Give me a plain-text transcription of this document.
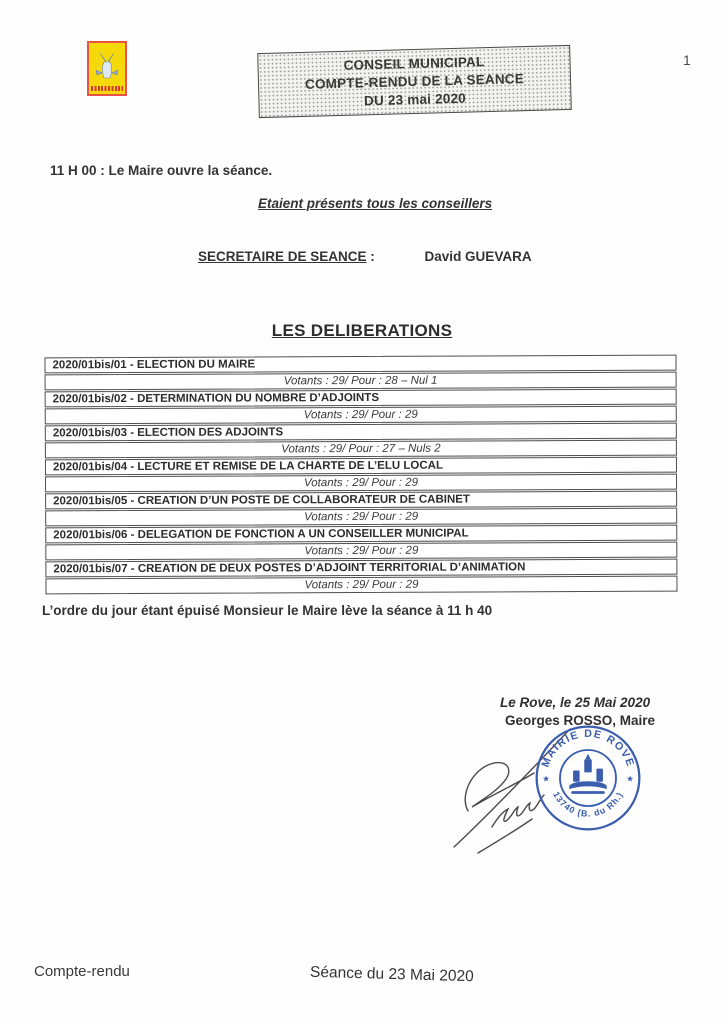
CONSEIL MUNICIPAL
COMPTE-RENDU DE LA SEANCE
DU 23 mai 2020
1
11 H 00 : Le Maire ouvre la séance.
Etaient présents tous les conseillers
SECRETAIRE DE SEANCE :	David GUEVARA
LES DELIBERATIONS
2020/01bis/01 - ELECTION DU MAIRE
Votants : 29/ Pour : 28 – Nul 1
2020/01bis/02 - DETERMINATION DU NOMBRE D’ADJOINTS
Votants : 29/ Pour : 29
2020/01bis/03 - ELECTION DES ADJOINTS
Votants : 29/ Pour : 27 – Nuls 2
2020/01bis/04 - LECTURE ET REMISE DE LA CHARTE DE L’ELU LOCAL
Votants : 29/ Pour : 29
2020/01bis/05 - CREATION D’UN POSTE DE COLLABORATEUR DE CABINET
Votants : 29/ Pour : 29
2020/01bis/06 - DELEGATION DE FONCTION A UN CONSEILLER MUNICIPAL
Votants : 29/ Pour : 29
2020/01bis/07 - CREATION DE DEUX POSTES D’ADJOINT TERRITORIAL D’ANIMATION
Votants : 29/ Pour : 29
L’ordre du jour étant épuisé Monsieur le Maire lève la séance à 11 h 40
Le Rove, le 25 Mai 2020
Georges ROSSO, Maire
MAIRIE DE ROVE
13740 (B. du Rh.)
★	★
Compte-rendu	Séance du 23 Mai 2020
